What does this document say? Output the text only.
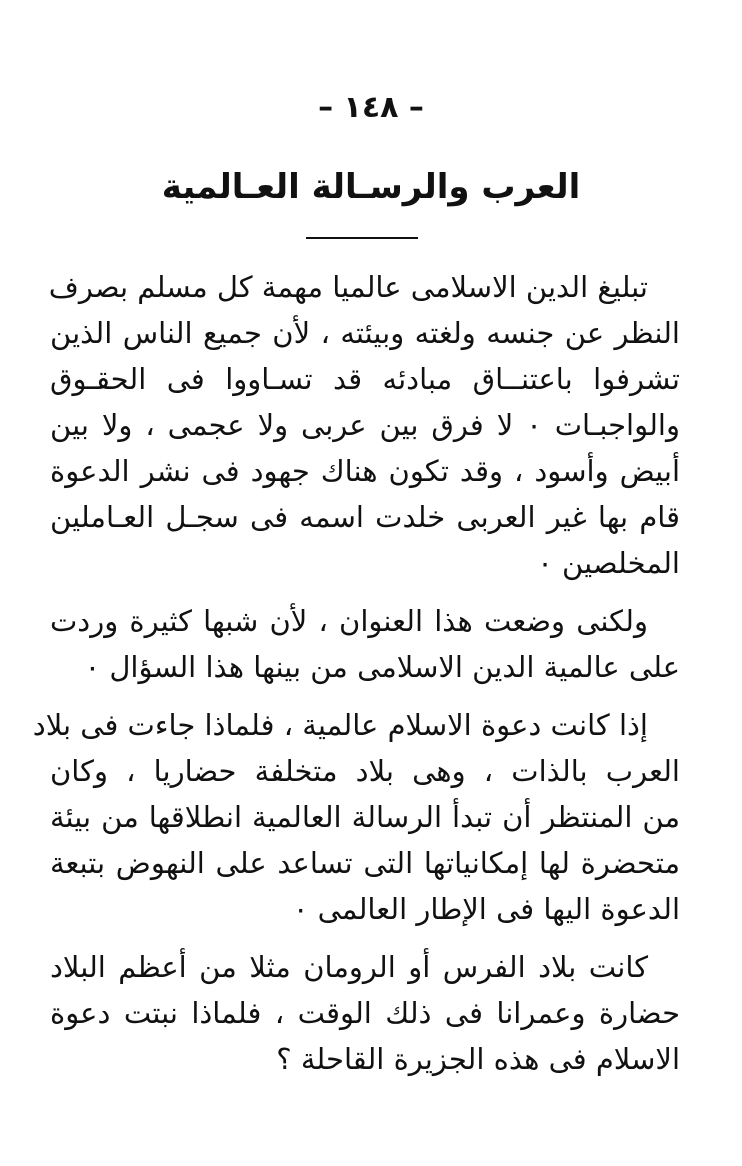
– ١٤٨ –
العرب والرسـالة العـالمية
تبليغ الدين الاسلامى عالميا مهمة كل مسلم بصرف
النظر عن جنسه ولغته وبيئته ، لأن جميع الناس الذين
تشرفوا باعتنــاق مبادئه قد تسـاووا فى الحقـوق
والواجبـات ٠ لا فرق بين عربى ولا عجمى ، ولا بين
أبيض وأسود ، وقد تكون هناك جهود فى نشر الدعوة
قام بها غير العربى خلدت اسمه فى سجـل العـاملين
المخلصين ٠
ولكنى وضعت هذا العنوان ، لأن شبها كثيرة وردت
على عالمية الدين الاسلامى من بينها هذا السؤال ٠
إذا كانت دعوة الاسلام عالمية ، فلماذا جاءت فى بلاد
العرب بالذات ، وهى بلاد متخلفة حضاريا ، وكان
من المنتظر أن تبدأ الرسالة العالمية انطلاقها من بيئة
متحضرة لها إمكانياتها التى تساعد على النهوض بتبعة
الدعوة اليها فى الإطار العالمى ٠
كانت بلاد الفرس أو الرومان مثلا من أعظم البلاد
حضارة وعمرانا فى ذلك الوقت ، فلماذا نبتت دعوة
الاسلام فى هذه الجزيرة القاحلة ؟
